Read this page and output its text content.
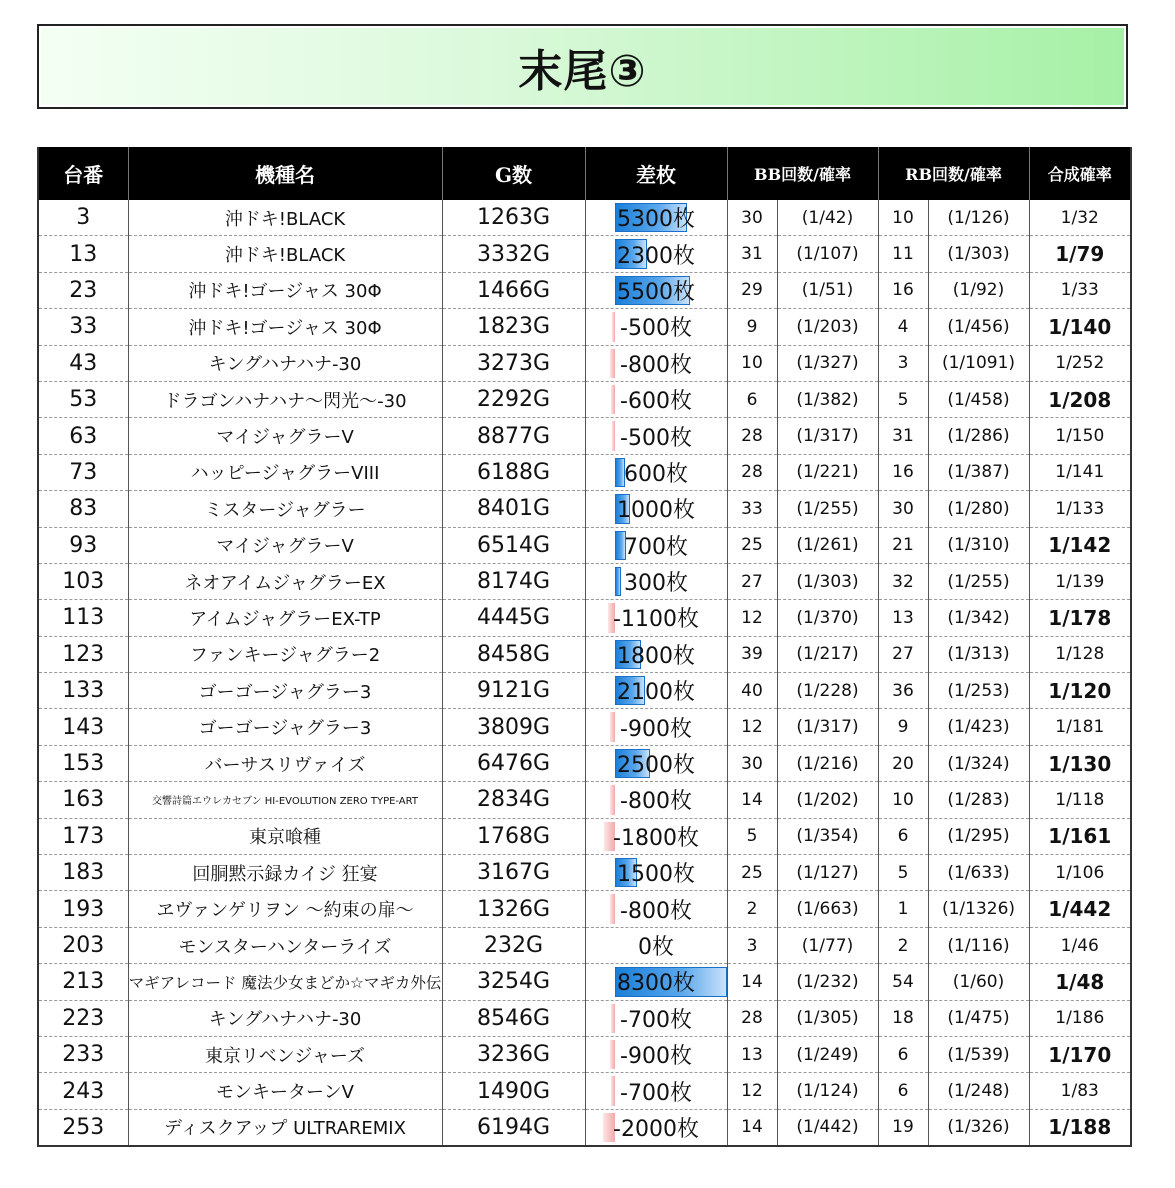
末尾③
台番	機種名	G数	差枚	BB回数/確率		RB回数/確率		合成確率
3	沖ドキ!BLACK	1263G	5300枚	30	(1/42)	10	(1/126)	1/32
13	沖ドキ!BLACK	3332G	2300枚	31	(1/107)	11	(1/303)	1/79
23	沖ドキ!ゴージャス 30Φ	1466G	5500枚	29	(1/51)	16	(1/92)	1/33
33	沖ドキ!ゴージャス 30Φ	1823G	-500枚	9	(1/203)	4	(1/456)	1/140
43	キングハナハナ-30	3273G	-800枚	10	(1/327)	3	(1/1091)	1/252
53	ドラゴンハナハナ～閃光～-30	2292G	-600枚	6	(1/382)	5	(1/458)	1/208
63	マイジャグラーV	8877G	-500枚	28	(1/317)	31	(1/286)	1/150
73	ハッピージャグラーVIII	6188G	600枚	28	(1/221)	16	(1/387)	1/141
83	ミスタージャグラー	8401G	1000枚	33	(1/255)	30	(1/280)	1/133
93	マイジャグラーV	6514G	700枚	25	(1/261)	21	(1/310)	1/142
103	ネオアイムジャグラーEX	8174G	300枚	27	(1/303)	32	(1/255)	1/139
113	アイムジャグラーEX-TP	4445G	-1100枚	12	(1/370)	13	(1/342)	1/178
123	ファンキージャグラー2	8458G	1800枚	39	(1/217)	27	(1/313)	1/128
133	ゴーゴージャグラー3	9121G	2100枚	40	(1/228)	36	(1/253)	1/120
143	ゴーゴージャグラー3	3809G	-900枚	12	(1/317)	9	(1/423)	1/181
153	バーサスリヴァイズ	6476G	2500枚	30	(1/216)	20	(1/324)	1/130
163	交響詩篇エウレカセブン HI-EVOLUTION ZERO TYPE-ART	2834G	-800枚	14	(1/202)	10	(1/283)	1/118
173	東京喰種	1768G	-1800枚	5	(1/354)	6	(1/295)	1/161
183	回胴黙示録カイジ 狂宴	3167G	1500枚	25	(1/127)	5	(1/633)	1/106
193	ヱヴァンゲリヲン ～約束の扉～	1326G	-800枚	2	(1/663)	1	(1/1326)	1/442
203	モンスターハンターライズ	232G	0枚	3	(1/77)	2	(1/116)	1/46
213	マギアレコード 魔法少女まどか☆マギカ外伝	3254G	8300枚	14	(1/232)	54	(1/60)	1/48
223	キングハナハナ-30	8546G	-700枚	28	(1/305)	18	(1/475)	1/186
233	東京リベンジャーズ	3236G	-900枚	13	(1/249)	6	(1/539)	1/170
243	モンキーターンV	1490G	-700枚	12	(1/124)	6	(1/248)	1/83
253	ディスクアップ ULTRAREMIX	6194G	-2000枚	14	(1/442)	19	(1/326)	1/188
